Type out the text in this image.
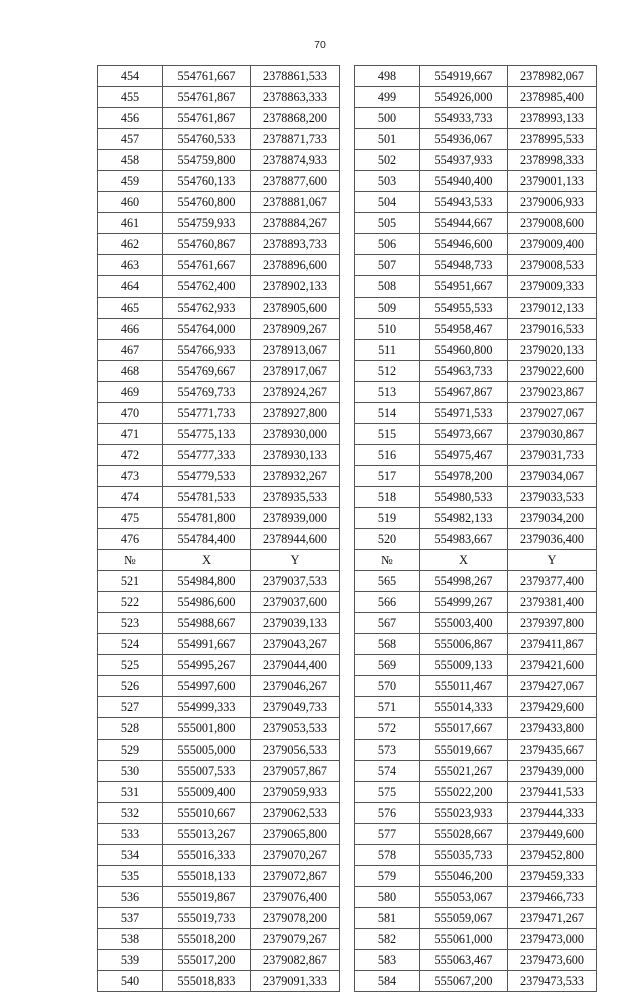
70
454	554761,667	2378861,533		498	554919,667	2378982,067
455	554761,867	2378863,333		499	554926,000	2378985,400
456	554761,867	2378868,200		500	554933,733	2378993,133
457	554760,533	2378871,733		501	554936,067	2378995,533
458	554759,800	2378874,933		502	554937,933	2378998,333
459	554760,133	2378877,600		503	554940,400	2379001,133
460	554760,800	2378881,067		504	554943,533	2379006,933
461	554759,933	2378884,267		505	554944,667	2379008,600
462	554760,867	2378893,733		506	554946,600	2379009,400
463	554761,667	2378896,600		507	554948,733	2379008,533
464	554762,400	2378902,133		508	554951,667	2379009,333
465	554762,933	2378905,600		509	554955,533	2379012,133
466	554764,000	2378909,267		510	554958,467	2379016,533
467	554766,933	2378913,067		511	554960,800	2379020,133
468	554769,667	2378917,067		512	554963,733	2379022,600
469	554769,733	2378924,267		513	554967,867	2379023,867
470	554771,733	2378927,800		514	554971,533	2379027,067
471	554775,133	2378930,000		515	554973,667	2379030,867
472	554777,333	2378930,133		516	554975,467	2379031,733
473	554779,533	2378932,267		517	554978,200	2379034,067
474	554781,533	2378935,533		518	554980,533	2379033,533
475	554781,800	2378939,000		519	554982,133	2379034,200
476	554784,400	2378944,600		520	554983,667	2379036,400
№	X	Y		№	X	Y
521	554984,800	2379037,533		565	554998,267	2379377,400
522	554986,600	2379037,600		566	554999,267	2379381,400
523	554988,667	2379039,133		567	555003,400	2379397,800
524	554991,667	2379043,267		568	555006,867	2379411,867
525	554995,267	2379044,400		569	555009,133	2379421,600
526	554997,600	2379046,267		570	555011,467	2379427,067
527	554999,333	2379049,733		571	555014,333	2379429,600
528	555001,800	2379053,533		572	555017,667	2379433,800
529	555005,000	2379056,533		573	555019,667	2379435,667
530	555007,533	2379057,867		574	555021,267	2379439,000
531	555009,400	2379059,933		575	555022,200	2379441,533
532	555010,667	2379062,533		576	555023,933	2379444,333
533	555013,267	2379065,800		577	555028,667	2379449,600
534	555016,333	2379070,267		578	555035,733	2379452,800
535	555018,133	2379072,867		579	555046,200	2379459,333
536	555019,867	2379076,400		580	555053,067	2379466,733
537	555019,733	2379078,200		581	555059,067	2379471,267
538	555018,200	2379079,267		582	555061,000	2379473,000
539	555017,200	2379082,867		583	555063,467	2379473,600
540	555018,833	2379091,333		584	555067,200	2379473,533
